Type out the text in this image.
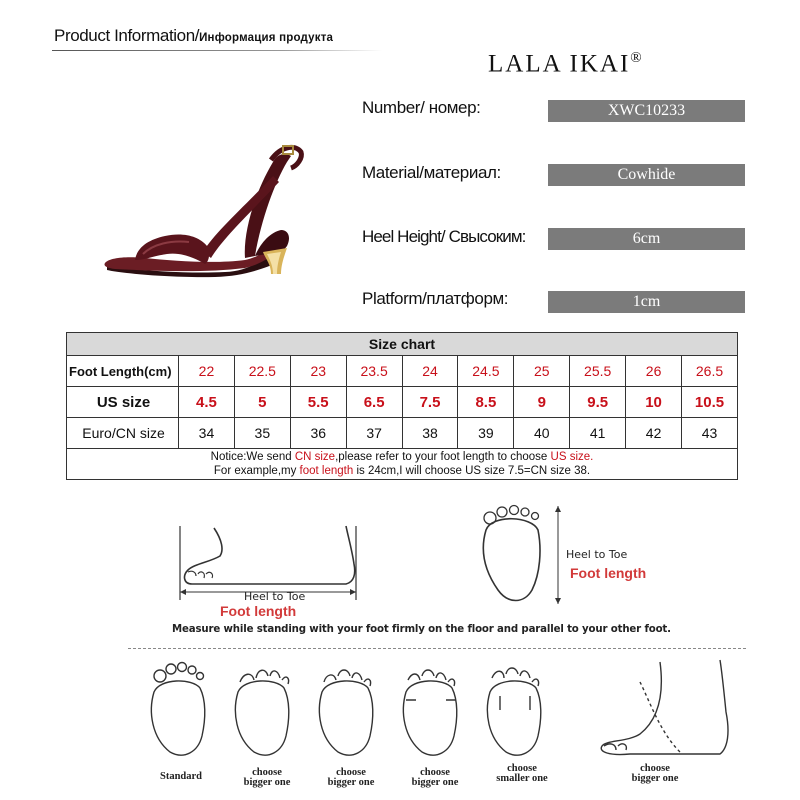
Product Information/Информация продукта
LALA IKAI®
Number/ номер:	XWC10233
Material/материал:	Cowhide
Heel Height/ Свысоким:	6cm
Platform/платформ:	1cm
Size chart										
Foot Length(cm)	22	22.5	23	23.5	24	24.5	25	25.5	26	26.5
US size	4.5	5	5.5	6.5	7.5	8.5	9	9.5	10	10.5
Euro/CN size	34	35	36	37	38	39	40	41	42	43

Notice:We send CN size,please refer to your foot length to choose US size.
For example,my foot length is 24cm,I will choose US size 7.5=CN size 38.										
Heel to Toe
Foot length
Heel to Toe
Foot length
Measure while standing with your foot firmly on the floor and parallel to your other foot.
Standard	choose
bigger one
choose
bigger one
choose
bigger one
choose
smaller one
choose
bigger one
